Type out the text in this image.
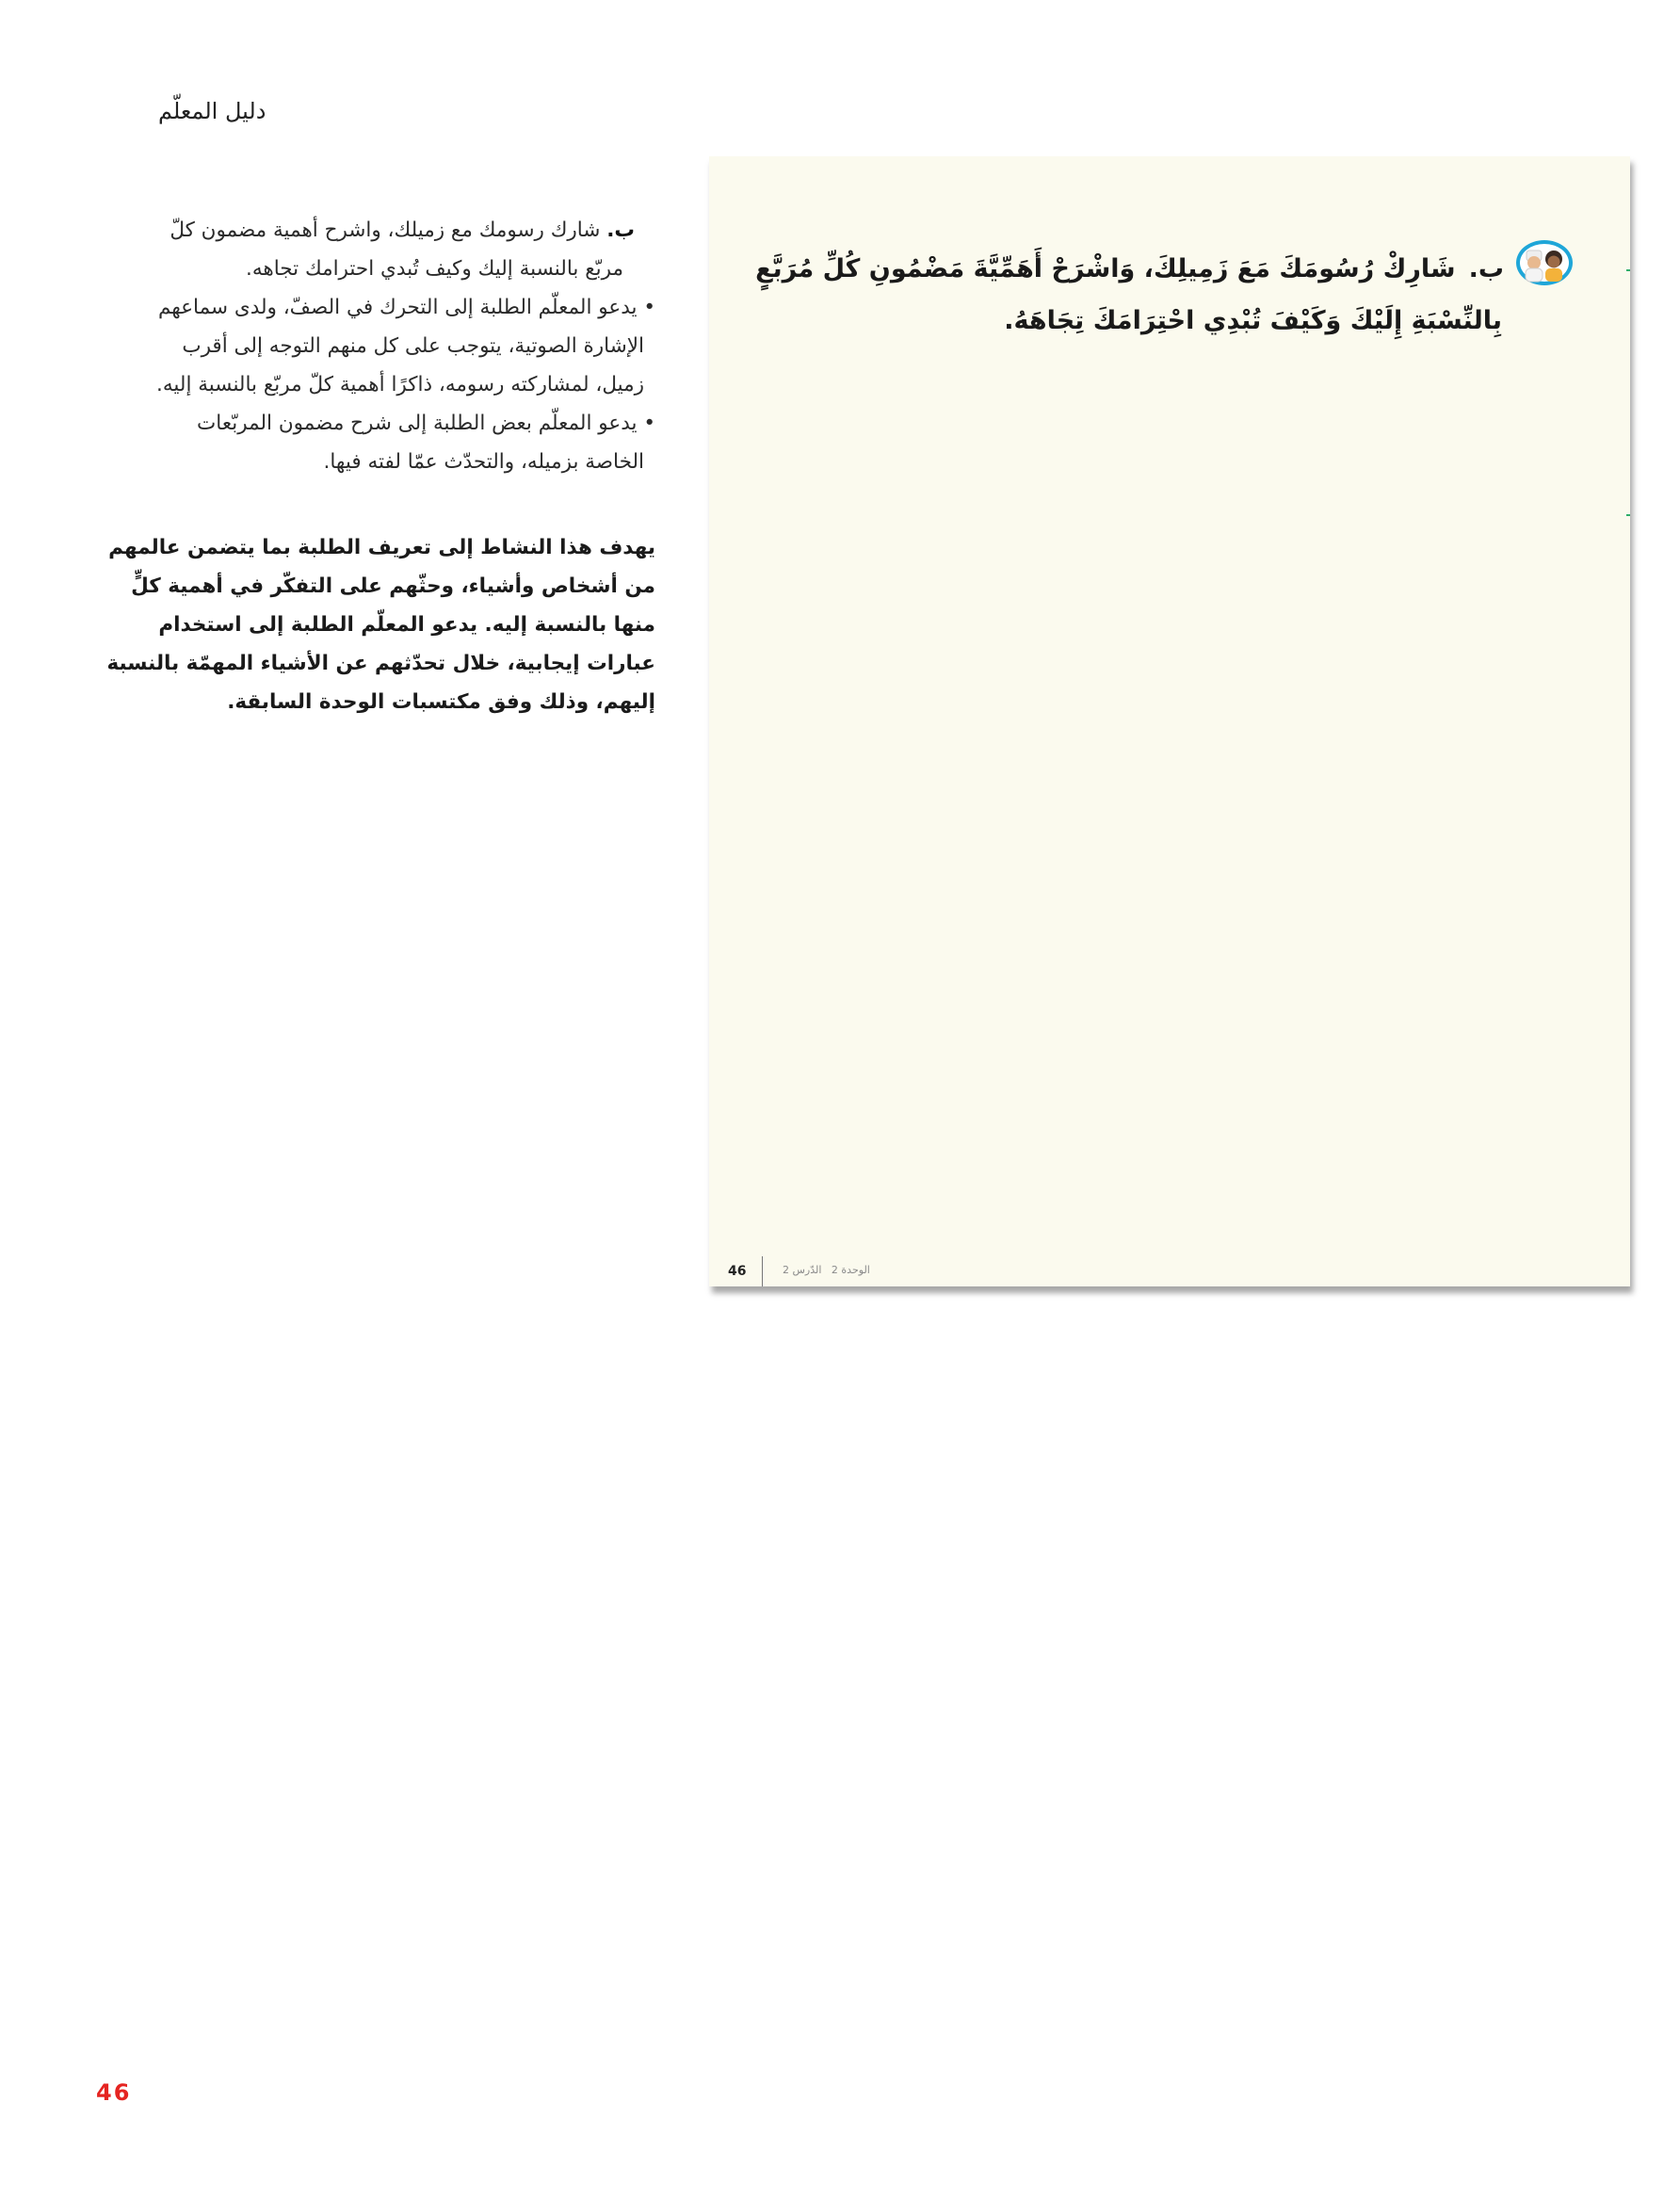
دليل المعلّم
ب. شارك رسومك مع زميلك، واشرح أهمية مضمون كلّ
مربّع بالنسبة إليك وكيف تُبدي احترامك تجاهه.
• يدعو المعلّم الطلبة إلى التحرك في الصفّ، ولدى سماعهم
الإشارة الصوتية، يتوجب على كل منهم التوجه إلى أقرب
زميل، لمشاركته رسومه، ذاكرًا أهمية كلّ مربّع بالنسبة إليه.
• يدعو المعلّم بعض الطلبة إلى شرح مضمون المربّعات
الخاصة بزميله، والتحدّث عمّا لفته فيها.
يهدف هذا النشاط إلى تعريف الطلبة بما يتضمن عالمهم
من أشخاص وأشياء، وحثّهم على التفكّر في أهمية كلٍّ
منها بالنسبة إليه. يدعو المعلّم الطلبة إلى استخدام
عبارات إيجابية، خلال تحدّثهم عن الأشياء المهمّة بالنسبة
إليهم، وذلك وفق مكتسبات الوحدة السابقة.
ب.شَارِكْ رُسُومَكَ مَعَ زَمِيلِكَ، وَاشْرَحْ أَهَمِّيَّةَ مَضْمُونِ كُلِّ مُرَبَّعٍ
بِالنِّسْبَةِ إِلَيْكَ وَكَيْفَ تُبْدِي احْتِرَامَكَ تِجَاهَهُ.
46	الوحدة 2   الدّرس 2
46
